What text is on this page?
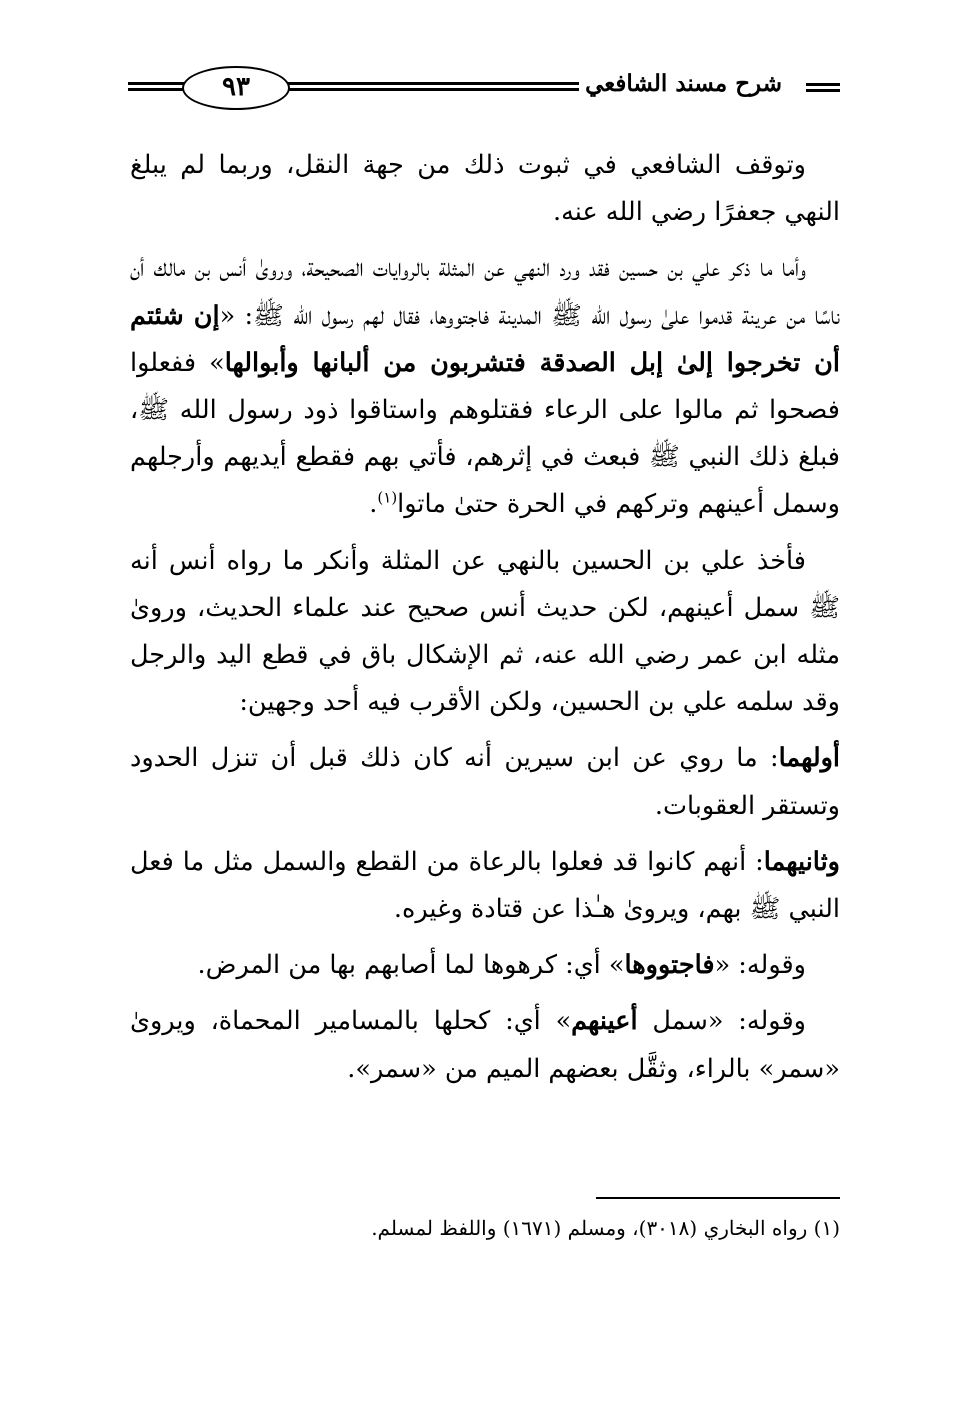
شرح مسند الشافعي
٩٣

وتوقف الشافعي في ثبوت ذلك من جهة النقل، وربما لم يبلغ النهي جعفرًا رضي الله عنه.

وأما ما ذكر علي بن حسين فقد ورد النهي عن المثلة بالروايات الصحيحة، وروىٰ أنس بن مالك أن ناسًا من عرينة قدموا علىٰ رسول الله ﷺ المدينة فاجتووها، فقال لهم رسول الله ﷺ: «إن شئتم أن تخرجوا إلىٰ إبل الصدقة فتشربون من ألبانها وأبوالها» ففعلوا فصحوا ثم مالوا على الرعاء فقتلوهم واستاقوا ذود رسول الله ﷺ، فبلغ ذلك النبي ﷺ فبعث في إثرهم، فأتي بهم فقطع أيديهم وأرجلهم وسمل أعينهم وتركهم في الحرة حتىٰ ماتوا$^{(١)}$.

فأخذ علي بن الحسين بالنهي عن المثلة وأنكر ما رواه أنس أنه ﷺ سمل أعينهم، لكن حديث أنس صحيح عند علماء الحديث، وروىٰ مثله ابن عمر رضي الله عنه، ثم الإشكال باق في قطع اليد والرجل وقد سلمه علي بن الحسين، ولكن الأقرب فيه أحد وجهين:

أولهما: ما روي عن ابن سيرين أنه كان ذلك قبل أن تنزل الحدود وتستقر العقوبات.

وثانيهما: أنهم كانوا قد فعلوا بالرعاة من القطع والسمل مثل ما فعل النبي ﷺ بهم، ويروىٰ هـٰذا عن قتادة وغيره.

وقوله: «فاجتووها» أي: كرهوها لما أصابهم بها من المرض.

وقوله: «سمل أعينهم» أي: كحلها بالمسامير المحماة، ويروىٰ «سمر» بالراء، وثقَّل بعضهم الميم من «سمر».

(١) رواه البخاري (٣٠١٨)، ومسلم (١٦٧١) واللفظ لمسلم.
